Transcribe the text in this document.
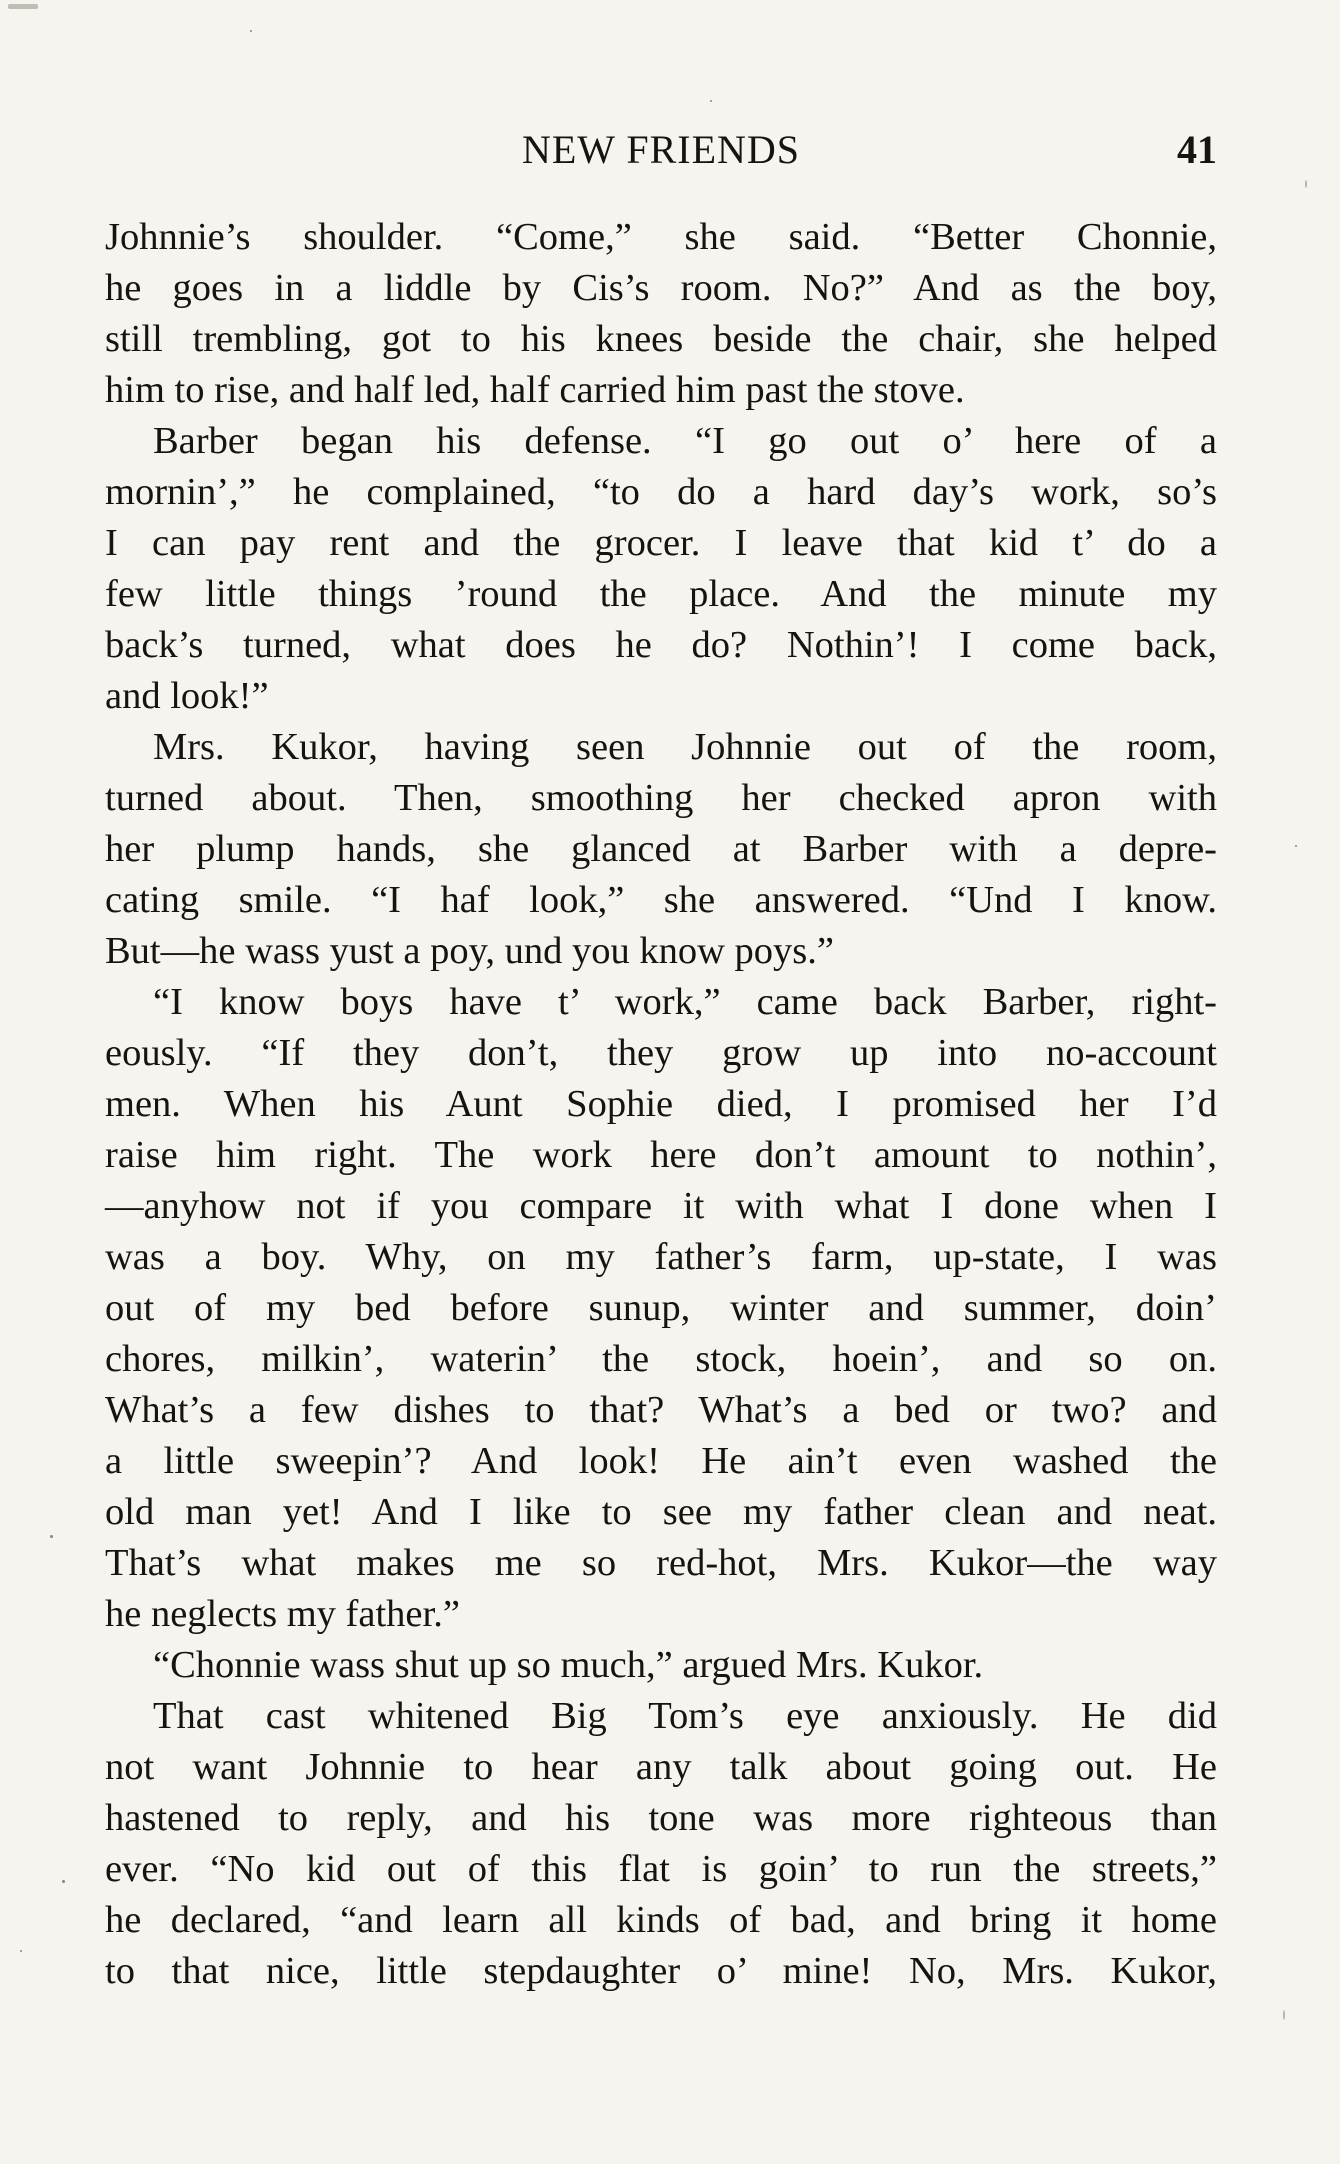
NEW FRIENDS	41
Johnnie’s shoulder. “Come,” she said. “Better Chonnie,
he goes in a liddle by Cis’s room. No?” And as the boy,
still trembling, got to his knees beside the chair, she helped
him to rise, and half led, half carried him past the stove.
Barber began his defense. “I go out o’ here of a
mornin’,” he complained, “to do a hard day’s work, so’s
I can pay rent and the grocer. I leave that kid t’ do a
few little things ’round the place. And the minute my
back’s turned, what does he do? Nothin’! I come back,
and look!”
Mrs. Kukor, having seen Johnnie out of the room,
turned about. Then, smoothing her checked apron with
her plump hands, she glanced at Barber with a depre-
cating smile. “I haf look,” she answered. “Und I know.
But—he wass yust a poy, und you know poys.”
“I know boys have t’ work,” came back Barber, right-
eously. “If they don’t, they grow up into no-account
men. When his Aunt Sophie died, I promised her I’d
raise him right. The work here don’t amount to nothin’,
—anyhow not if you compare it with what I done when I
was a boy. Why, on my father’s farm, up-state, I was
out of my bed before sunup, winter and summer, doin’
chores, milkin’, waterin’ the stock, hoein’, and so on.
What’s a few dishes to that? What’s a bed or two? and
a little sweepin’? And look! He ain’t even washed the
old man yet! And I like to see my father clean and neat.
That’s what makes me so red-hot, Mrs. Kukor—the way
he neglects my father.”
“Chonnie wass shut up so much,” argued Mrs. Kukor.
That cast whitened Big Tom’s eye anxiously. He did
not want Johnnie to hear any talk about going out. He
hastened to reply, and his tone was more righteous than
ever. “No kid out of this flat is goin’ to run the streets,”
he declared, “and learn all kinds of bad, and bring it home
to that nice, little stepdaughter o’ mine! No, Mrs. Kukor,
